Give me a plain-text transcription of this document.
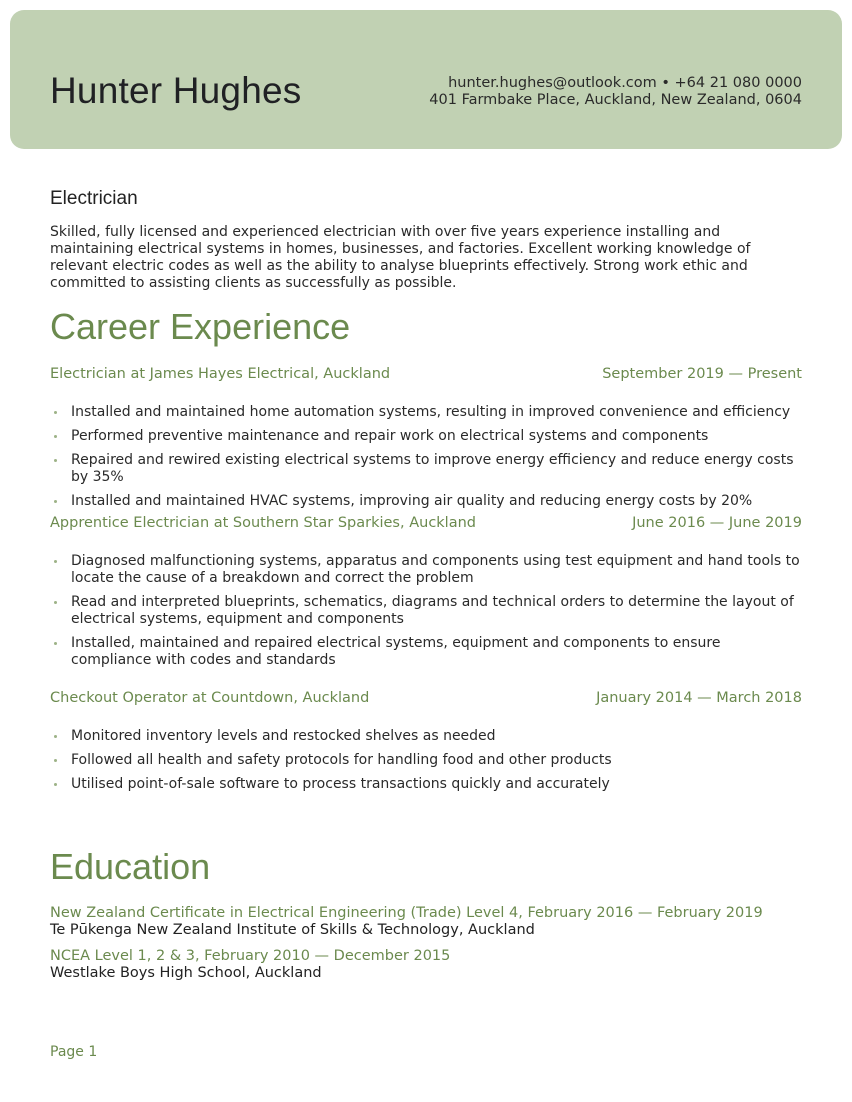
Hunter Hughes	hunter.hughes@outlook.com • +64 21 080 0000
401 Farmbake Place, Auckland, New Zealand, 0604
Electrician
Skilled, fully licensed and experienced electrician with over five years experience installing and maintaining electrical systems in homes, businesses, and factories. Excellent working knowledge of relevant electric codes as well as the ability to analyse blueprints effectively. Strong work ethic and committed to assisting clients as successfully as possible.
Career Experience
Electrician at James Hayes Electrical, Auckland	September 2019 — Present
Installed and maintained home automation systems, resulting in improved convenience and efficiency
Performed preventive maintenance and repair work on electrical systems and components
Repaired and rewired existing electrical systems to improve energy efficiency and reduce energy costs by 35%
Installed and maintained HVAC systems, improving air quality and reducing energy costs by 20%
Apprentice Electrician at Southern Star Sparkies, Auckland	June 2016 — June 2019
Diagnosed malfunctioning systems, apparatus and components using test equipment and hand tools to locate the cause of a breakdown and correct the problem
Read and interpreted blueprints, schematics, diagrams and technical orders to determine the layout of electrical systems, equipment and components
Installed, maintained and repaired electrical systems, equipment and components to ensure compliance with codes and standards
Checkout Operator at Countdown, Auckland	January 2014 — March 2018
Monitored inventory levels and restocked shelves as needed
Followed all health and safety protocols for handling food and other products
Utilised point-of-sale software to process transactions quickly and accurately
Education
New Zealand Certificate in Electrical Engineering (Trade) Level 4, February 2016 — February 2019
Te Pūkenga New Zealand Institute of Skills & Technology, Auckland
NCEA Level 1, 2 & 3, February 2010 — December 2015
Westlake Boys High School, Auckland
Page 1
